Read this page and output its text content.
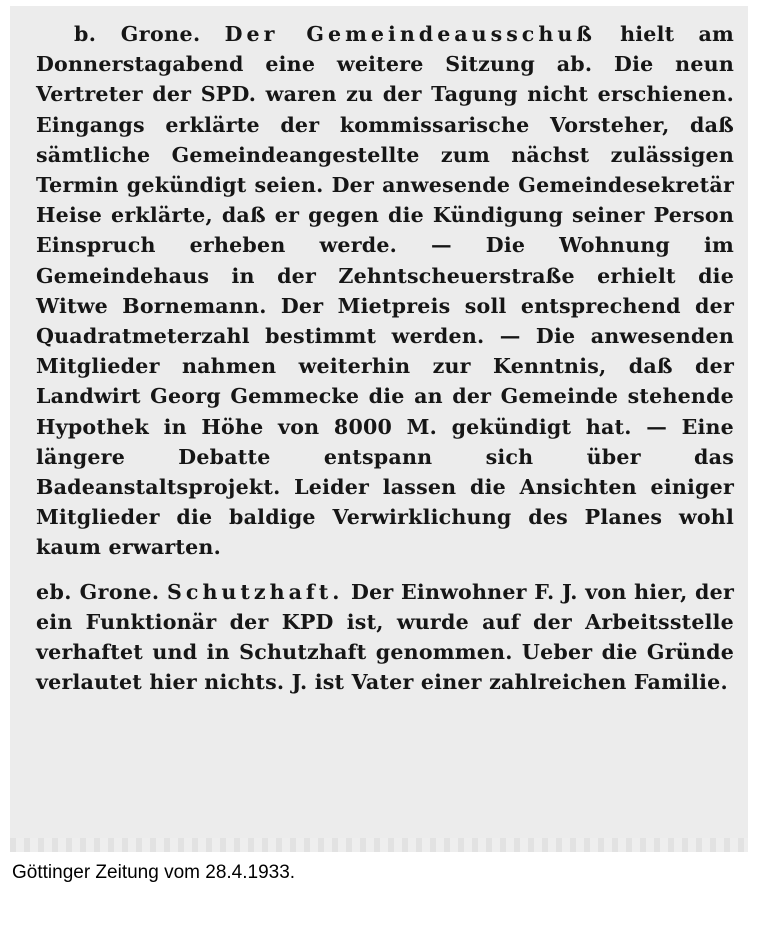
b. Grone. Der Gemeindeausschuß hielt am Donnerstagabend eine weitere Sitzung ab. Die neun Vertreter der SPD. waren zu der Tagung nicht erschienen. Eingangs erklärte der kommissarische Vorsteher, daß sämtliche Gemeindeangestellte zum nächst zulässigen Termin gekündigt seien. Der anwesende Gemeindesekretär Heise erklärte, daß er gegen die Kündigung seiner Person Einspruch erheben werde. — Die Wohnung im Gemeindehaus in der Zehntscheuerstraße erhielt die Witwe Bornemann. Der Mietpreis soll entsprechend der Quadratmeterzahl bestimmt werden. — Die anwesenden Mitglieder nahmen weiterhin zur Kenntnis, daß der Landwirt Georg Gemmecke die an der Gemeinde stehende Hypothek in Höhe von 8000 M. gekündigt hat. — Eine längere Debatte entspann sich über das Badeanstaltsprojekt. Leider lassen die Ansichten einiger Mitglieder die baldige Verwirklichung des Planes wohl kaum erwarten.

eb. Grone. Schutzhaft. Der Einwohner F. J. von hier, der ein Funktionär der KPD ist, wurde auf der Arbeitsstelle verhaftet und in Schutzhaft genommen. Ueber die Gründe verlautet hier nichts. J. ist Vater einer zahlreichen Familie.

Göttinger Zeitung vom 28.4.1933.
